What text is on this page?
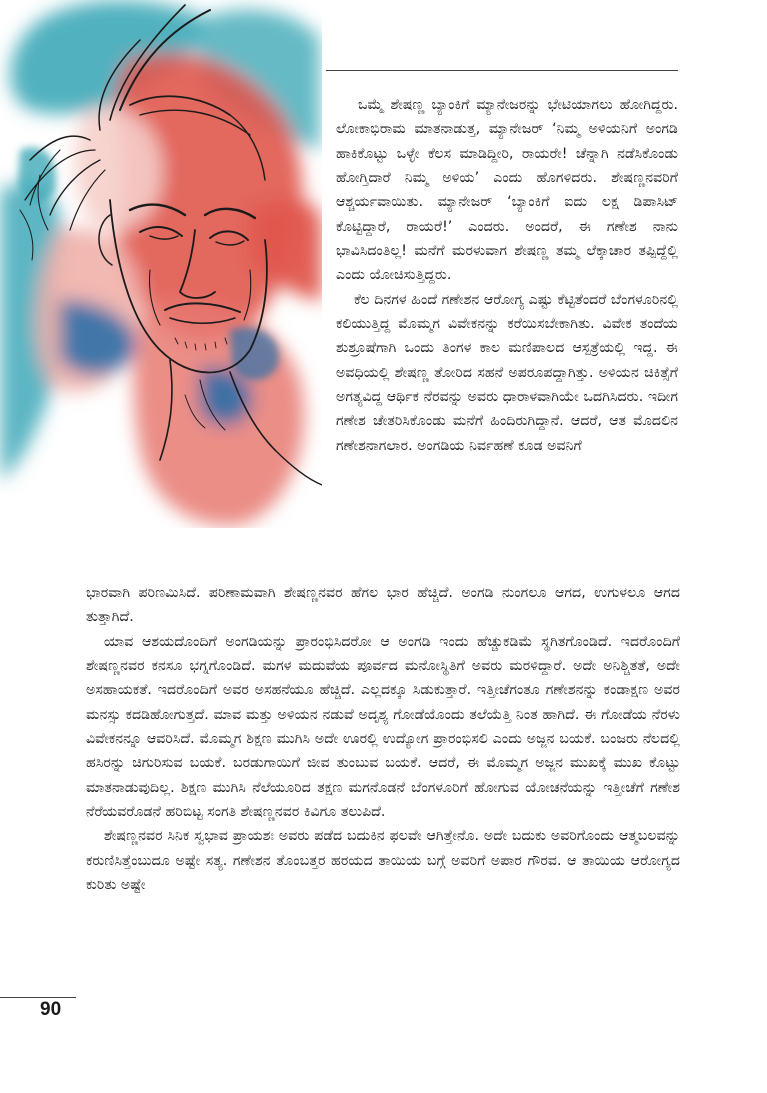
ಒಮ್ಮೆ ಶೇಷಣ್ಣ ಬ್ಯಾಂಕಿಗೆ ಮ್ಯಾನೇಜರನ್ನು ಭೇಟಿಯಾಗಲು ಹೋಗಿದ್ದರು. ಲೋಕಾಭಿರಾಮ ಮಾತನಾಡುತ್ತ, ಮ್ಯಾನೇಜರ್ ‘ನಿಮ್ಮ ಅಳಿಯನಿಗೆ ಅಂಗಡಿ ಹಾಕಿಕೊಟ್ಟು ಒಳ್ಳೇ ಕೆಲಸ ಮಾಡಿದ್ದೀರಿ, ರಾಯರೇ! ಚೆನ್ನಾಗಿ ನಡೆಸಿಕೊಂಡು ಹೋಗ್ತಿದಾರೆ ನಿಮ್ಮ ಅಳಿಯ’ ಎಂದು ಹೊಗಳಿದರು. ಶೇಷಣ್ಣನವರಿಗೆ ಆಶ್ಚರ್ಯವಾಯಿತು. ಮ್ಯಾನೇಜರ್ ‘ಬ್ಯಾಂಕಿಗೆ ಐದು ಲಕ್ಷ ಡಿಪಾಸಿಟ್ ಕೊಟ್ಟಿದ್ದಾರೆ, ರಾಯರೆ!’ ಎಂದರು. ಅಂದರೆ, ಈ ಗಣೇಶ ನಾನು ಭಾವಿಸಿದಂತಿಲ್ಲ! ಮನೆಗೆ ಮರಳುವಾಗ ಶೇಷಣ್ಣ ತಮ್ಮ ಲೆಕ್ಕಾಚಾರ ತಪ್ಪಿದ್ದೆಲ್ಲಿ ಎಂದು ಯೋಚಿಸುತ್ತಿದ್ದರು.

ಕೆಲ ದಿನಗಳ ಹಿಂದೆ ಗಣೇಶನ ಆರೋಗ್ಯ ಎಷ್ಟು ಕೆಟ್ಟಿತೆಂದರೆ ಬೆಂಗಳೂರಿನಲ್ಲಿ ಕಲಿಯುತ್ತಿದ್ದ ಮೊಮ್ಮಗ ವಿವೇಕನನ್ನು ಕರೆಯಿಸಬೇಕಾಗಿತು. ವಿವೇಕ ತಂದೆಯ ಶುಶ್ರೂಷೆಗಾಗಿ ಒಂದು ತಿಂಗಳ ಕಾಲ ಮಣಿಪಾಲದ ಆಸ್ಪತ್ರೆಯಲ್ಲಿ ಇದ್ದ. ಈ ಅವಧಿಯಲ್ಲಿ ಶೇಷಣ್ಣ ತೋರಿದ ಸಹನೆ ಅಪರೂಪದ್ದಾಗಿತ್ತು. ಅಳಿಯನ ಚಿಕಿತ್ಸೆಗೆ ಅಗತ್ಯವಿದ್ದ ಆರ್ಥಿಕ ನೆರವನ್ನು ಅವರು ಧಾರಾಳವಾಗಿಯೇ ಒದಗಿಸಿದರು. ಇದೀಗ ಗಣೇಶ ಚೇತರಿಸಿಕೊಂಡು ಮನೆಗೆ ಹಿಂದಿರುಗಿದ್ದಾನೆ. ಆದರೆ, ಆತ ಮೊದಲಿನ ಗಣೇಶನಾಗಲಾರ. ಅಂಗಡಿಯ ನಿರ್ವಹಣೆ ಕೂಡ ಅವನಿಗೆ

ಭಾರವಾಗಿ ಪರಿಣಮಿಸಿದೆ. ಪರಿಣಾಮವಾಗಿ ಶೇಷಣ್ಣನವರ ಹೆಗಲ ಭಾರ ಹೆಚ್ಚಿದೆ. ಅಂಗಡಿ ನುಂಗಲೂ ಆಗದ, ಉಗುಳಲೂ ಆಗದ ತುತ್ತಾಗಿದೆ.

ಯಾವ ಆಶಯದೊಂದಿಗೆ ಅಂಗಡಿಯನ್ನು ಪ್ರಾರಂಭಿಸಿದರೋ ಆ ಅಂಗಡಿ ಇಂದು ಹೆಚ್ಚುಕಡಿಮೆ ಸ್ಥಗಿತಗೊಂಡಿದೆ. ಇದರೊಂದಿಗೆ ಶೇಷಣ್ಣನವರ ಕನಸೂ ಭಗ್ನಗೊಂಡಿದೆ. ಮಗಳ ಮದುವೆಯ ಪೂರ್ವದ ಮನೋಸ್ಥಿತಿಗೆ ಅವರು ಮರಳಿದ್ದಾರೆ. ಅದೇ ಅನಿಶ್ಚಿತತೆ, ಅದೇ ಅಸಹಾಯಕತೆ. ಇದರೊಂದಿಗೆ ಅವರ ಅಸಹನೆಯೂ ಹೆಚ್ಚಿದೆ. ಎಲ್ಲದಕ್ಕೂ ಸಿಡುಕುತ್ತಾರೆ. ಇತ್ತೀಚೆಗಂತೂ ಗಣೇಶನನ್ನು ಕಂಡಾಕ್ಷಣ ಅವರ ಮನಸ್ಸು ಕದಡಿಹೋಗುತ್ತದೆ. ಮಾವ ಮತ್ತು ಅಳಿಯನ ನಡುವೆ ಅದೃಶ್ಯ ಗೋಡೆಯೊಂದು ತಲೆಯೆತ್ತಿ ನಿಂತ ಹಾಗಿದೆ. ಈ ಗೋಡೆಯ ನೆರಳು ವಿವೇಕನನ್ನೂ ಆವರಿಸಿದೆ. ಮೊಮ್ಮಗ ಶಿಕ್ಷಣ ಮುಗಿಸಿ ಅದೇ ಊರಲ್ಲಿ ಉದ್ಯೋಗ ಪ್ರಾರಂಭಿಸಲಿ ಎಂದು ಅಜ್ಜನ ಬಯಕೆ. ಬಂಜರು ನೆಲದಲ್ಲಿ ಹಸಿರನ್ನು ಚಿಗುರಿಸುವ ಬಯಕೆ. ಬರಡುಗಾಯಿಗೆ ಜೀವ ತುಂಬುವ ಬಯಕೆ. ಆದರೆ, ಈ ಮೊಮ್ಮಗ ಅಜ್ಜನ ಮುಖಕ್ಕೆ ಮುಖ ಕೊಟ್ಟು ಮಾತನಾಡುವುದಿಲ್ಲ. ಶಿಕ್ಷಣ ಮುಗಿಸಿ ನೆಲೆಯೂರಿದ ತಕ್ಷಣ ಮಗನೊಡನೆ ಬೆಂಗಳೂರಿಗೆ ಹೋಗುವ ಯೋಚನೆಯನ್ನು ಇತ್ತೀಚೆಗೆ ಗಣೇಶ ನೆರೆಯವರೊಡನೆ ಹರಿಬಿಟ್ಟ ಸಂಗತಿ ಶೇಷಣ್ಣನವರ ಕಿವಿಗೂ ತಲುಪಿದೆ.

ಶೇಷಣ್ಣನವರ ಸಿನಿಕ ಸ್ವಭಾವ ಪ್ರಾಯಶಃ ಅವರು ಪಡೆದ ಬದುಕಿನ ಫಲವೇ ಆಗಿತ್ತೇನೊ. ಅದೇ ಬದುಕು ಅವರಿಗೊಂದು ಆತ್ಮಬಲವನ್ನು ಕರುಣಿಸಿತ್ತೆಂಬುದೂ ಅಷ್ಟೇ ಸತ್ಯ. ಗಣೇಶನ ತೊಂಬತ್ತರ ಹರಯದ ತಾಯಿಯ ಬಗ್ಗೆ ಅವರಿಗೆ ಅಪಾರ ಗೌರವ. ಆ ತಾಯಿಯ ಆರೋಗ್ಯದ ಕುರಿತು ಅಷ್ಟೇ

90
